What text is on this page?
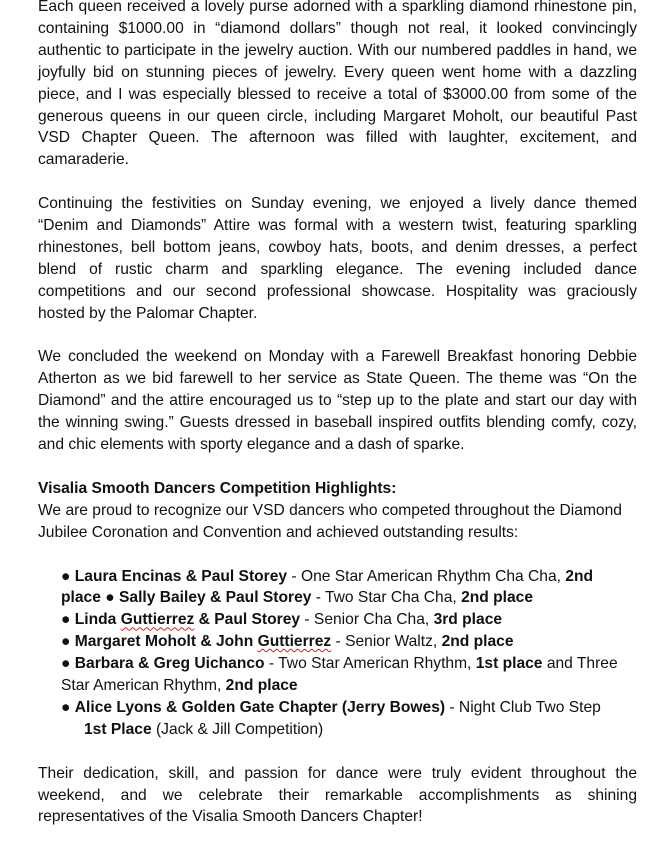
Each queen received a lovely purse adorned with a sparkling diamond rhinestone pin, containing $1000.00 in “diamond dollars” though not real, it looked convincingly authentic to participate in the jewelry auction. With our numbered paddles in hand, we joyfully bid on stunning pieces of jewelry. Every queen went home with a dazzling piece, and I was especially blessed to receive a total of $3000.00 from some of the generous queens in our queen circle, including Margaret Moholt, our beautiful Past VSD Chapter Queen. The afternoon was filled with laughter, excitement, and camaraderie.

Continuing the festivities on Sunday evening, we enjoyed a lively dance themed “Denim and Diamonds” Attire was formal with a western twist, featuring sparkling rhinestones, bell bottom jeans, cowboy hats, boots, and denim dresses, a perfect blend of rustic charm and sparkling elegance. The evening included dance competitions and our second professional showcase. Hospitality was graciously hosted by the Palomar Chapter.

We concluded the weekend on Monday with a Farewell Breakfast honoring Debbie Atherton as we bid farewell to her service as State Queen. The theme was “On the Diamond” and the attire encouraged us to “step up to the plate and start our day with the winning swing.” Guests dressed in baseball inspired outfits blending comfy, cozy, and chic elements with sporty elegance and a dash of sparke.

Visalia Smooth Dancers Competition Highlights:

We are proud to recognize our VSD dancers who competed throughout the Diamond Jubilee Coronation and Convention and achieved outstanding results:

● Laura Encinas & Paul Storey - One Star American Rhythm Cha Cha, 2nd place ● Sally Bailey & Paul Storey - Two Star Cha Cha, 2nd place
● Linda Guttierrez & Paul Storey - Senior Cha Cha, 3rd place
● Margaret Moholt & John Guttierrez - Senior Waltz, 2nd place
● Barbara & Greg Uichanco - Two Star American Rhythm, 1st place and Three Star American Rhythm, 2nd place
● Alice Lyons & Golden Gate Chapter (Jerry Bowes) - Night Club Two Step
1st Place (Jack & Jill Competition)

Their dedication, skill, and passion for dance were truly evident throughout the weekend, and we celebrate their remarkable accomplishments as shining representatives of the Visalia Smooth Dancers Chapter!
